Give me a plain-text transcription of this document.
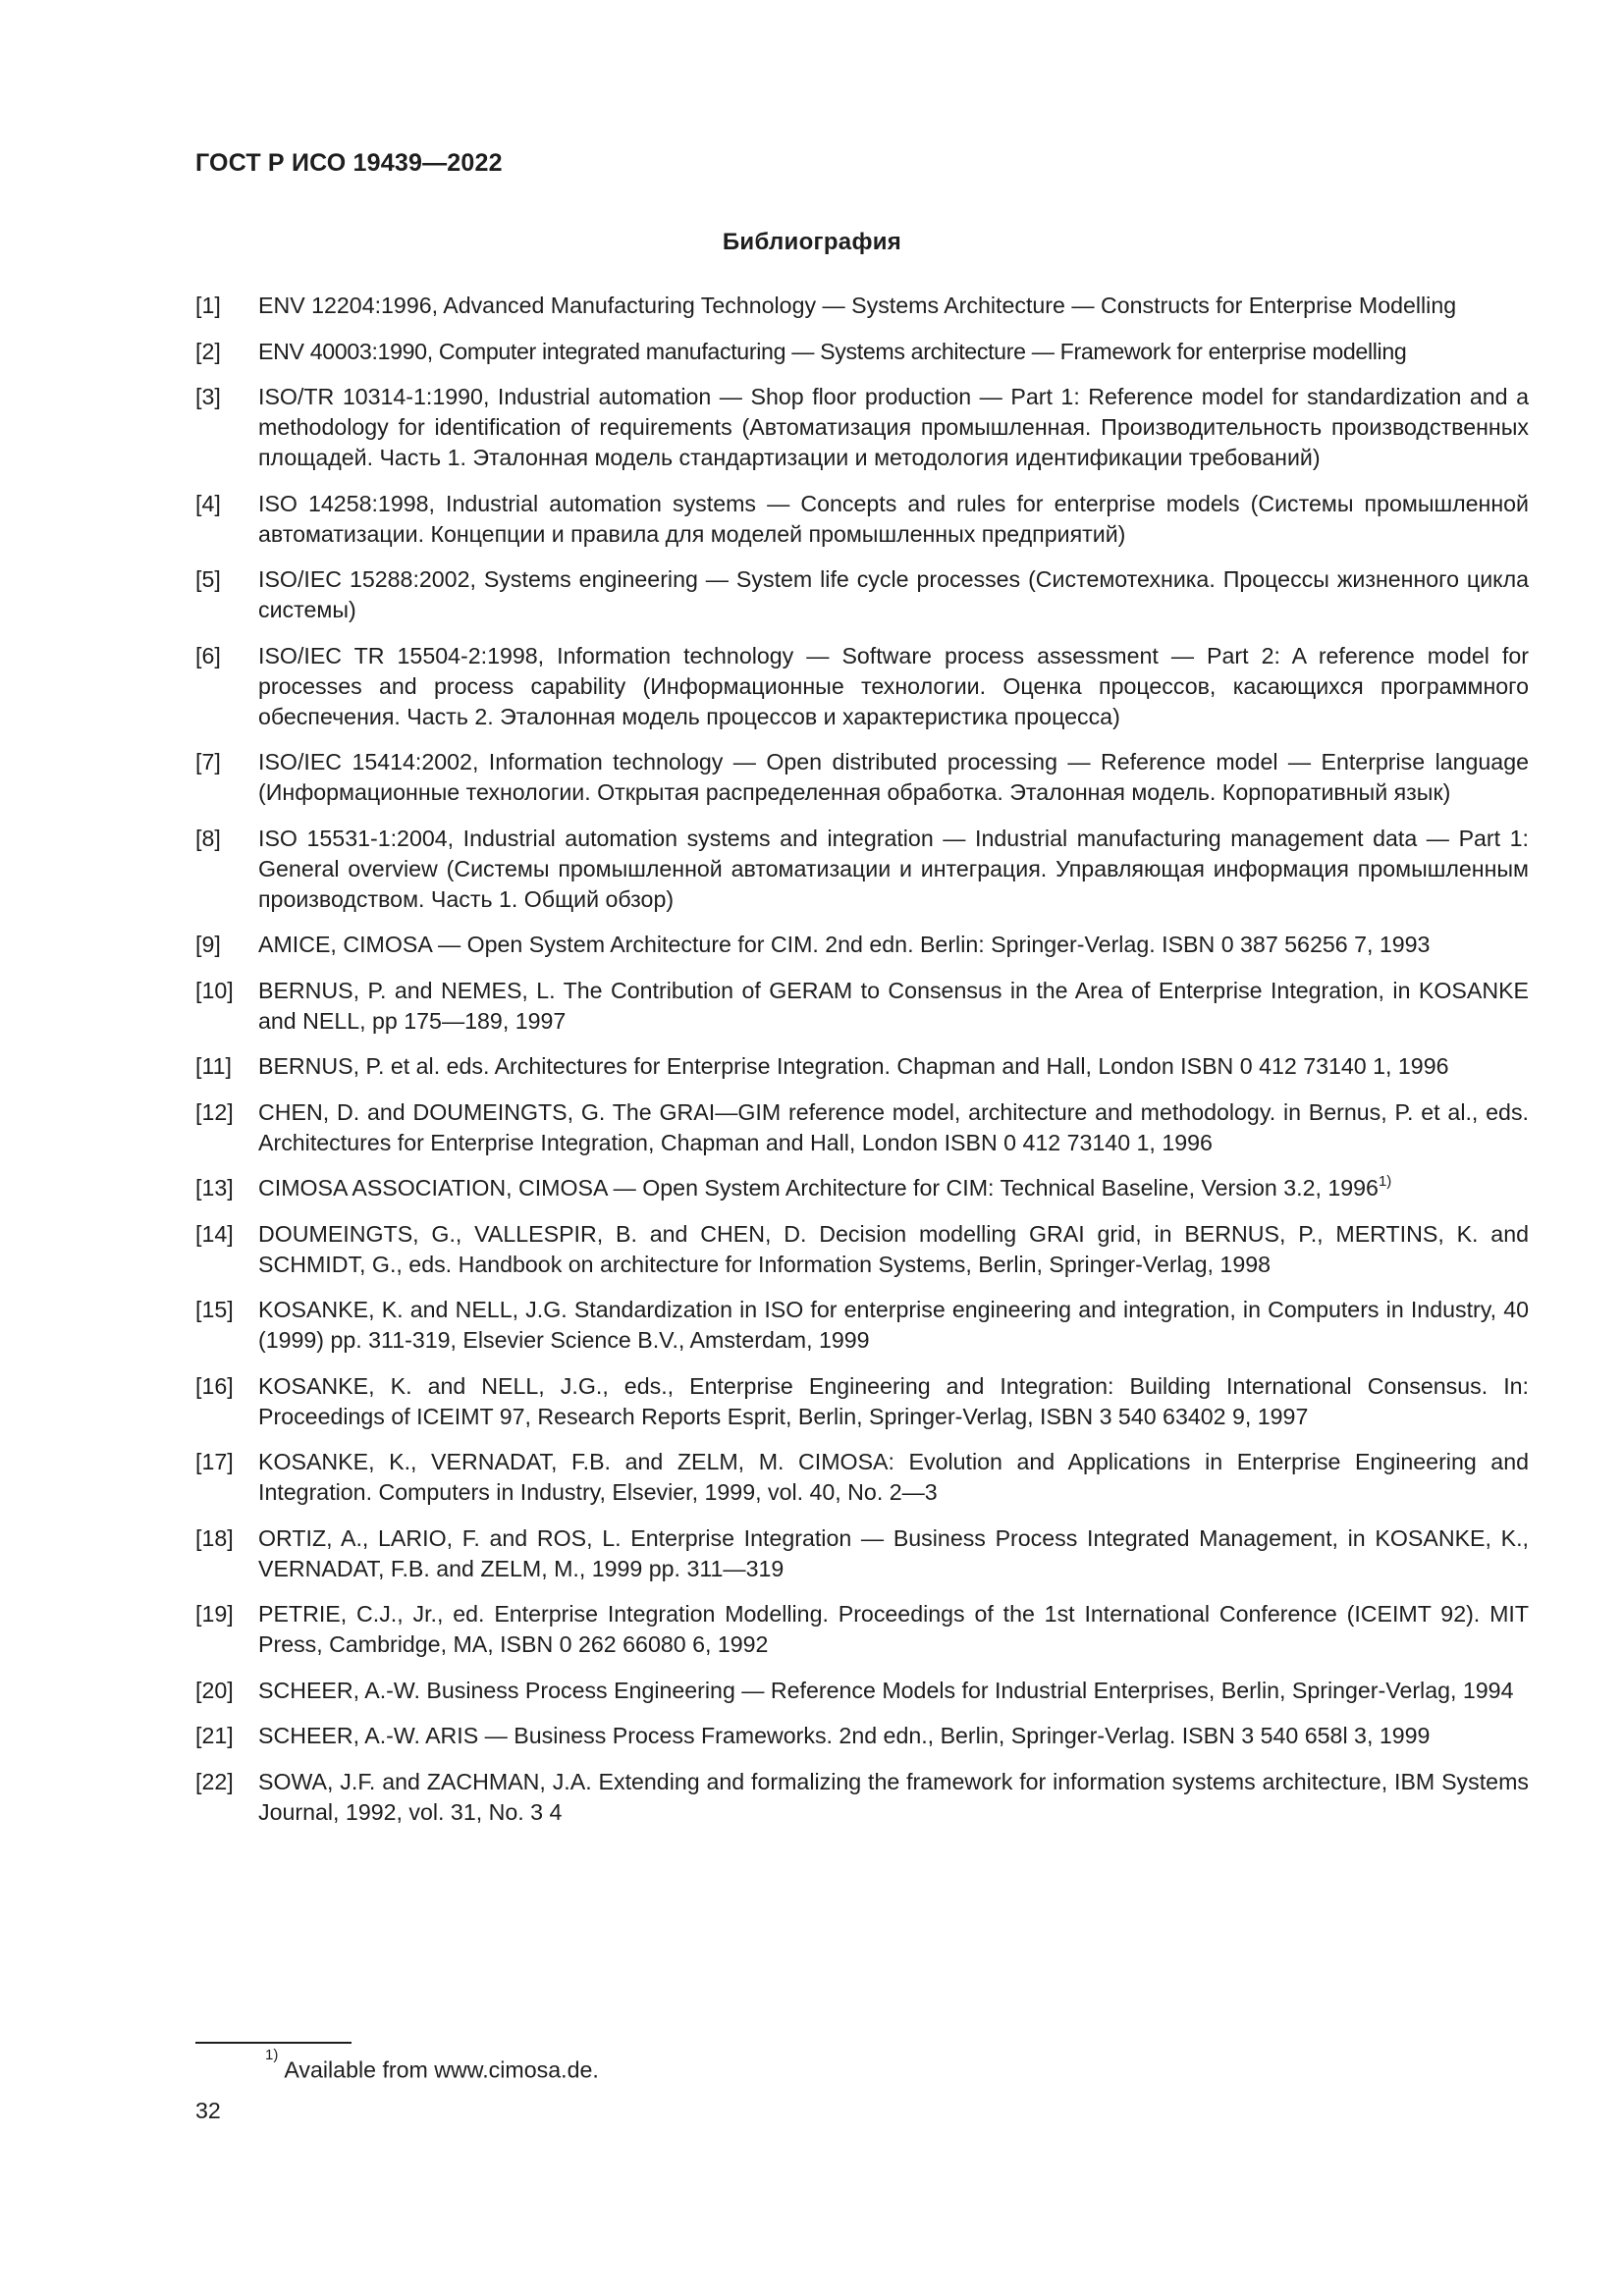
ГОСТ Р ИСО 19439—2022
Библиография
[1]	ENV 12204:1996, Advanced Manufacturing Technology — Systems Architecture — Constructs for Enterprise Modelling
[2]	ENV 40003:1990, Computer integrated manufacturing — Systems architecture — Framework for enterprise modelling
[3]	ISO/TR 10314-1:1990, Industrial automation — Shop floor production — Part 1: Reference model for standardization and a methodology for identification of requirements (Автоматизация промышленная. Производительность производственных площадей. Часть 1. Эталонная модель стандартизации и методология идентификации требований)
[4]	ISO 14258:1998, Industrial automation systems — Concepts and rules for enterprise models (Системы промышленной автоматизации. Концепции и правила для моделей промышленных предприятий)
[5]	ISO/IEC 15288:2002, Systems engineering — System life cycle processes (Системотехника. Процессы жизненного цикла системы)
[6]	ISO/IEC TR 15504-2:1998, Information technology — Software process assessment — Part 2: A reference model for processes and process capability (Информационные технологии. Оценка процессов, касающихся программного обеспечения. Часть 2. Эталонная модель процессов и характеристика процесса)
[7]	ISO/IEC 15414:2002, Information technology — Open distributed processing — Reference model — Enterprise language (Информационные технологии. Открытая распределенная обработка. Эталонная модель. Корпоративный язык)
[8]	ISO 15531-1:2004, Industrial automation systems and integration — Industrial manufacturing management data — Part 1: General overview (Системы промышленной автоматизации и интеграция. Управляющая информация промышленным производством. Часть 1. Общий обзор)
[9]	AMICE, CIMOSA — Open System Architecture for CIM. 2nd edn. Berlin: Springer-Verlag. ISBN 0 387 56256 7, 1993
[10]	BERNUS, P. and NEMES, L. The Contribution of GERAM to Consensus in the Area of Enterprise Integration, in KOSANKE and NELL, pp 175—189, 1997
[11]	BERNUS, P. et al. eds. Architectures for Enterprise Integration. Chapman and Hall, London ISBN 0 412 73140 1, 1996
[12]	CHEN, D. and DOUMEINGTS, G. The GRAI—GIM reference model, architecture and methodology. in Bernus, P. et al., eds. Architectures for Enterprise Integration, Chapman and Hall, London ISBN 0 412 73140 1, 1996
[13]	CIMOSA ASSOCIATION, CIMOSA — Open System Architecture for CIM: Technical Baseline, Version 3.2, 1996$^{1)}$
[14]	DOUMEINGTS, G., VALLESPIR, B. and CHEN, D. Decision modelling GRAI grid, in BERNUS, P., MERTINS, K. and SCHMIDT, G., eds. Handbook on architecture for Information Systems, Berlin, Springer-Verlag, 1998
[15]	KOSANKE, K. and NELL, J.G. Standardization in ISO for enterprise engineering and integration, in Computers in Industry, 40 (1999) pp. 311-319, Elsevier Science B.V., Amsterdam, 1999
[16]	KOSANKE, K. and NELL, J.G., eds., Enterprise Engineering and Integration: Building International Consensus. In: Proceedings of ICEIMT 97, Research Reports Esprit, Berlin, Springer-Verlag, ISBN 3 540 63402 9, 1997
[17]	KOSANKE, K., VERNADAT, F.B. and ZELM, M. CIMOSA: Evolution and Applications in Enterprise Engineering and Integration. Computers in Industry, Elsevier, 1999, vol. 40, No. 2—3
[18]	ORTIZ, A., LARIO, F. and ROS, L. Enterprise Integration — Business Process Integrated Management, in KOSANKE, K., VERNADAT, F.B. and ZELM, M., 1999 pp. 311—319
[19]	PETRIE, C.J., Jr., ed. Enterprise Integration Modelling. Proceedings of the 1st International Conference (ICEIMT 92). MIT Press, Cambridge, MA, ISBN 0 262 66080 6, 1992
[20]	SCHEER, A.-W. Business Process Engineering — Reference Models for Industrial Enterprises, Berlin, Springer-Verlag, 1994
[21]	SCHEER, A.-W. ARIS — Business Process Frameworks. 2nd edn., Berlin, Springer-Verlag. ISBN 3 540 658l 3, 1999
[22]	SOWA, J.F. and ZACHMAN, J.A. Extending and formalizing the framework for information systems architecture, IBM Systems Journal, 1992, vol. 31, No. 3 4
$^{1)}$Available from www.cimosa.de.
32
